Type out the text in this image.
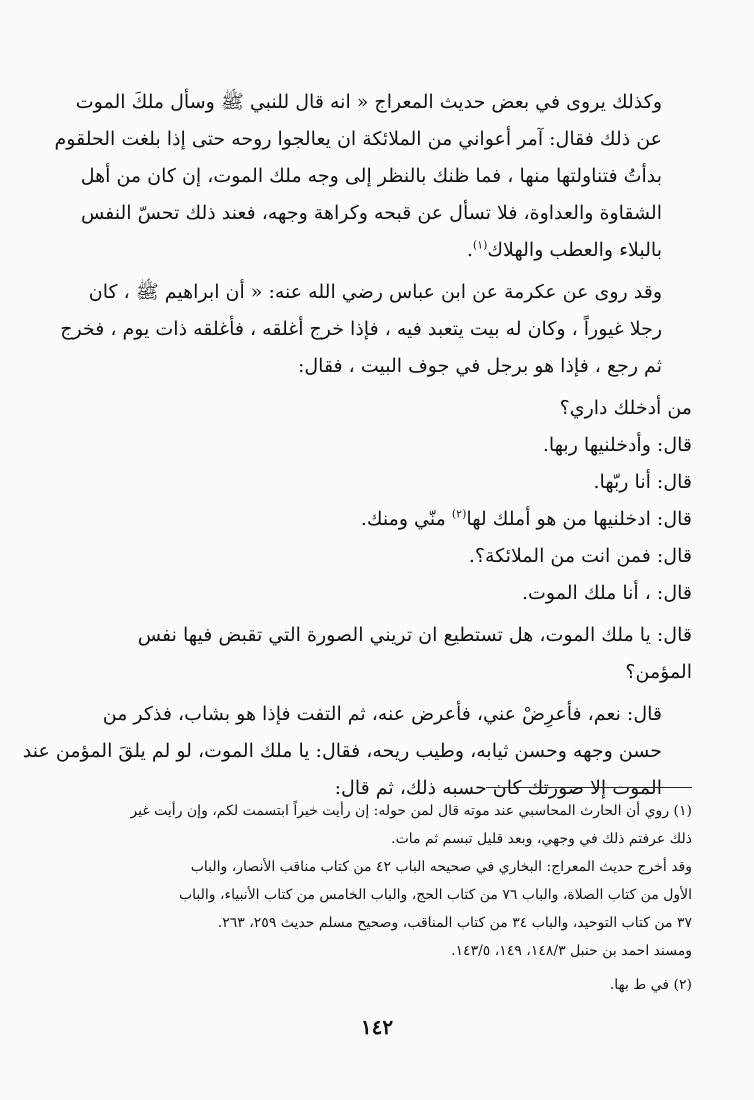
وكذلك يروى في بعض حديث المعراج « انه قال للنبي ﷺ وسأل ملكَ الموت
عن ذلك فقال: آمر أعواني من الملائكة ان يعالجوا روحه حتى إذا بلغت الحلقوم
بدأتُ فتناولتها منها ، فما ظنك بالنظر إلى وجه ملك الموت، إن كان من أهل
الشقاوة والعداوة، فلا تسأل عن قبحه وكراهة وجهه، فعند ذلك تحسّ النفس
بالبلاء والعطب والهلاك$^{(١)}$.
وقد روى عن عكرمة عن ابن عباس رضي الله عنه: « أن ابراهيم ﷺ ، كان
رجلا غيوراً ، وكان له بيت يتعبد فيه ، فإذا خرج أغلقه ، فأغلقه ذات يوم ، فخرج
ثم رجع ، فإذا هو برجل في جوف البيت ، فقال:
من أدخلك داري؟
قال: وأدخلنيها ربها.
قال: أنا ربّها.
قال: ادخلنيها من هو أملك لها$^{(٢)}$ منّي ومنك.
قال: فمن انت من الملائكة؟.
قال: ، أنا ملك الموت.
قال: يا ملك الموت، هل تستطيع ان تريني الصورة التي تقبض فيها نفس
المؤمن؟
قال: نعم، فأعرِضْ عني، فأعرض عنه، ثم التفت فإذا هو بشاب، فذكر من
حسن وجهه وحسن ثيابه، وطيب ريحه، فقال: يا ملك الموت، لو لم يلقَ المؤمن عند
الموت إلا صورتك كان حسبه ذلك، ثم قال:
(١) روي أن الحارث المحاسبي عند موته قال لمن حوله: إن رأيت خيراً ابتسمت لكم، وإن رأيت غير
ذلك عرفتم ذلك في وجهي، وبعد قليل تبسم ثم مات.
وقد أخرج حديث المعراج: البخاري في صحيحه الباب ٤٢ من كتاب مناقب الأنصار، والباب
الأول من كتاب الصلاة، والباب ٧٦ من كتاب الحج، والباب الخامس من كتاب الأنبياء، والباب
٣٧ من كتاب التوحيد، والباب ٣٤ من كتاب المناقب، وصحيح مسلم حديث ٢٥٩، ٢٦٣.
ومسند احمد بن حنبل ١٤٨/٣، ١٤٩، ١٤٣/٥.
(٢) في ط بها.
١٤٢
